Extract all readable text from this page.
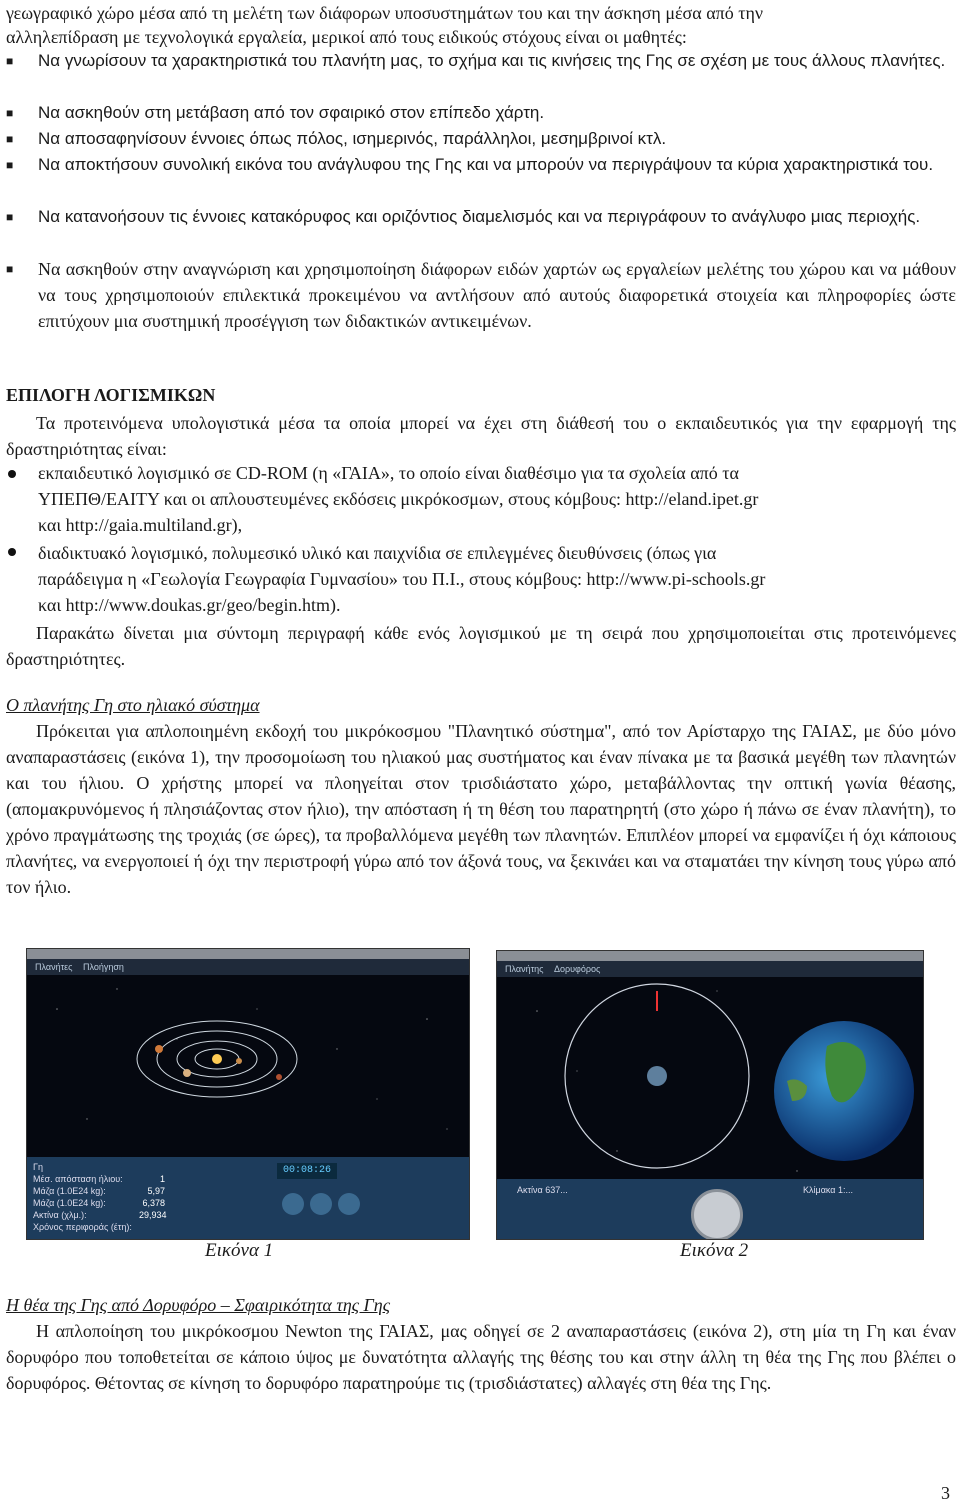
γεωγραφικό χώρο μέσα από τη μελέτη των διάφορων υποσυστημάτων του και την άσκηση μέσα από την

αλληλεπίδραση με τεχνολογικά εργαλεία, μερικοί από τους ειδικούς στόχους είναι οι μαθητές:

■ Να γνωρίσουν τα χαρακτηριστικά του πλανήτη μας, το σχήμα και τις κινήσεις της Γης σε σχέση με τους άλλους πλανήτες.

■ Να ασκηθούν στη μετάβαση από τον σφαιρικό στον επίπεδο χάρτη.

■ Να αποσαφηνίσουν έννοιες όπως πόλος, ισημερινός, παράλληλοι, μεσημβρινοί κτλ.

■ Να αποκτήσουν συνολική εικόνα του ανάγλυφου της Γης και να μπορούν να περιγράψουν τα κύρια χαρακτηριστικά του.

■ Να κατανοήσουν τις έννοιες κατακόρυφος και οριζόντιος διαμελισμός και να περιγράφουν το ανάγλυφο μιας περιοχής.

■ Να ασκηθούν στην αναγνώριση και χρησιμοποίηση διάφορων ειδών χαρτών ως εργαλείων μελέτης του χώρου και να μάθουν να τους χρησιμοποιούν επιλεκτικά προκειμένου να αντλήσουν από αυτούς διαφορετικά στοιχεία και πληροφορίες ώστε επιτύχουν μια συστημική προσέγγιση των διδακτικών αντικειμένων.

ΕΠΙΛΟΓΗ ΛΟΓΙΣΜΙΚΩΝ

Τα προτεινόμενα υπολογιστικά μέσα τα οποία μπορεί να έχει στη διάθεσή του ο εκπαιδευτικός για την εφαρμογή της δραστηριότητας είναι:

εκπαιδευτικό λογισμικό σε CD-ROM (η «ΓΑΙΑ», το οποίο είναι διαθέσιμο για τα σχολεία από τα

ΥΠΕΠΘ/ΕΑΙΤΥ και οι απλουστευμένες εκδόσεις μικρόκοσμων, στους κόμβους: http://eland.ipet.gr

και http://gaia.multiland.gr),

διαδικτυακό λογισμικό, πολυμεσικό υλικό και παιχνίδια σε επιλεγμένες διευθύνσεις (όπως για

παράδειγμα η «Γεωλογία Γεωγραφία Γυμνασίου» του Π.Ι., στους κόμβους: http://www.pi-schools.gr

και http://www.doukas.gr/geo/begin.htm).

Παρακάτω δίνεται μια σύντομη περιγραφή κάθε ενός λογισμικού με τη σειρά που χρησιμοποιείται στις προτεινόμενες δραστηριότητες.

Ο πλανήτης Γη στο ηλιακό σύστημα

Πρόκειται για απλοποιημένη εκδοχή του μικρόκοσμου "Πλανητικό σύστημα", από τον Αρίσταρχο της ΓΑΙΑΣ, με δύο μόνο αναπαραστάσεις (εικόνα 1), την προσομοίωση του ηλιακού μας συστήματος και έναν πίνακα με τα βασικά μεγέθη των πλανητών και του ήλιου. Ο χρήστης μπορεί να πλοηγείται στον τρισδιάστατο χώρο, μεταβάλλοντας την οπτική γωνία θέασης, (απομακρυνόμενος ή πλησιάζοντας στον ήλιο), την απόσταση ή τη θέση του παρατηρητή (στο χώρο ή πάνω σε έναν πλανήτη), το χρόνο πραγμάτωσης της τροχιάς (σε ώρες), τα προβαλλόμενα μεγέθη των πλανητών. Επιπλέον μπορεί να εμφανίζει ή όχι κάποιους πλανήτες, να ενεργοποιεί ή όχι την περιστροφή γύρω από τον άξονά τους, να ξεκινάει και να σταματάει την κίνηση τους γύρω από τον ήλιο.

Πλανήτες Πλοήγηση
Γη
Μέσ. απόσταση ήλιου:
Μάζα (1.0E24 kg):
Μάζα (1.0E24 kg):
Ακτίνα (χλμ.):
Χρόνος περιφοράς (έτη):
1
5,97
6,378
29,934
00:08:26
Πλανήτης Δορυφόρος
Ακτίνα 637...	Κλίμακα 1:...
Εικόνα 1	Εικόνα 2
Η θέα της Γης από Δορυφόρο – Σφαιρικότητα της Γης

Η απλοποίηση του μικρόκοσμου Newton της ΓΑΙΑΣ, μας οδηγεί σε 2 αναπαραστάσεις (εικόνα 2), στη μία τη Γη και έναν δορυφόρο που τοποθετείται σε κάποιο ύψος με δυνατότητα αλλαγής της θέσης του και στην άλλη τη θέα της Γης που βλέπει ο δορυφόρος. Θέτοντας σε κίνηση το δορυφόρο παρατηρούμε τις (τρισδιάστατες) αλλαγές στη θέα της Γης.

3
